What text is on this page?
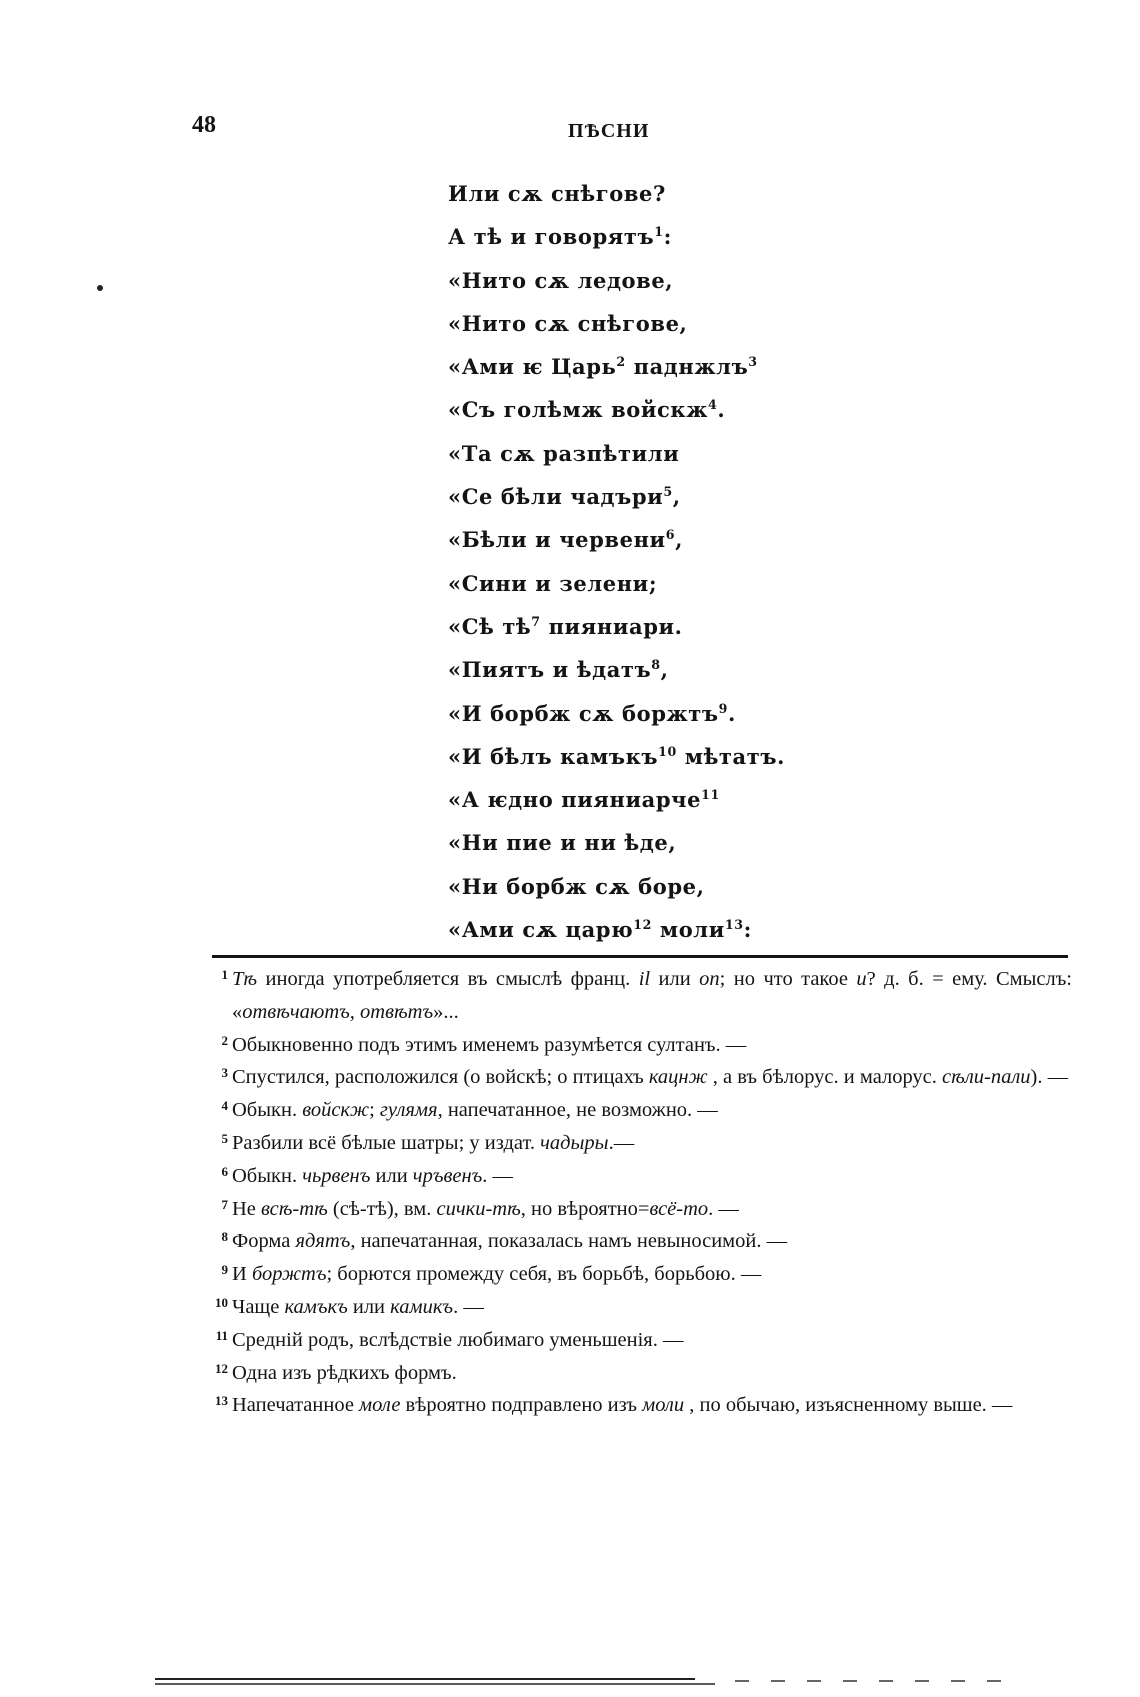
48	ПѢСНИ
Или сѫ снѣгове?
А тѣ и говорятъ$^1$:
«Нито сѫ ледове,
«Нито сѫ снѣгове,
«Ами ѥ Царь$^2$ паднжлъ$^3$
«Съ голѣмж войскж$^4$.
«Та сѫ разпѣтили
«Се бѣли чадъри$^5$,
«Бѣли и червени$^6$,
«Сини и зелени;
«Сѣ $тѣ^7$ пияниари.
«Пиятъ и ѣдатъ$^8$,
«И борбж сѫ боржтъ$^9$.
«И бѣлъ камъкъ$^{10}$ мѣтатъ.
«А ѥдно пияниарче$^{11}$
«Ни пие и ни ѣде,
«Ни борбж сѫ боре,
«Ами сѫ царю$^{12}$ моли$^{13}$:
1 Тѣ иногда употребляется въ смыслѣ франц. il или on; но что такое и? д. б. = ему. Смыслъ: «отвѣчаютъ, отвѣтъ»...
2 Обыкновенно подъ этимъ именемъ разумѣется султанъ. —
3 Спустился, расположился (о войскѣ; о птицахъ кацнж , а въ бѣлорус. и малорус. сѣли-пали). —
4 Обыкн. войскж; гулямя, напечатанное, не возможно. —
5 Разбили всё бѣлые шатры; у издат. чадыры.—
6 Обыкн. чьрвенъ или чръвенъ. —
7 Не всѣ-тѣ (сѣ-тѣ), вм. сички-тѣ, но вѣроятно=всё-то. —
8 Форма ядятъ, напечатанная, показалась намъ невыносимой. —
9 И боржтъ; борются промежду себя, въ борьбѣ, борьбою. —
10 Чаще камъкъ или камикъ. —
11 Средній родъ, вслѣдствіе любимаго уменьшенія. —
12 Одна изъ рѣдкихъ формъ.
13 Напечатанное моле вѣроятно подправлено изъ моли , по обычаю, изъясненному выше. —
